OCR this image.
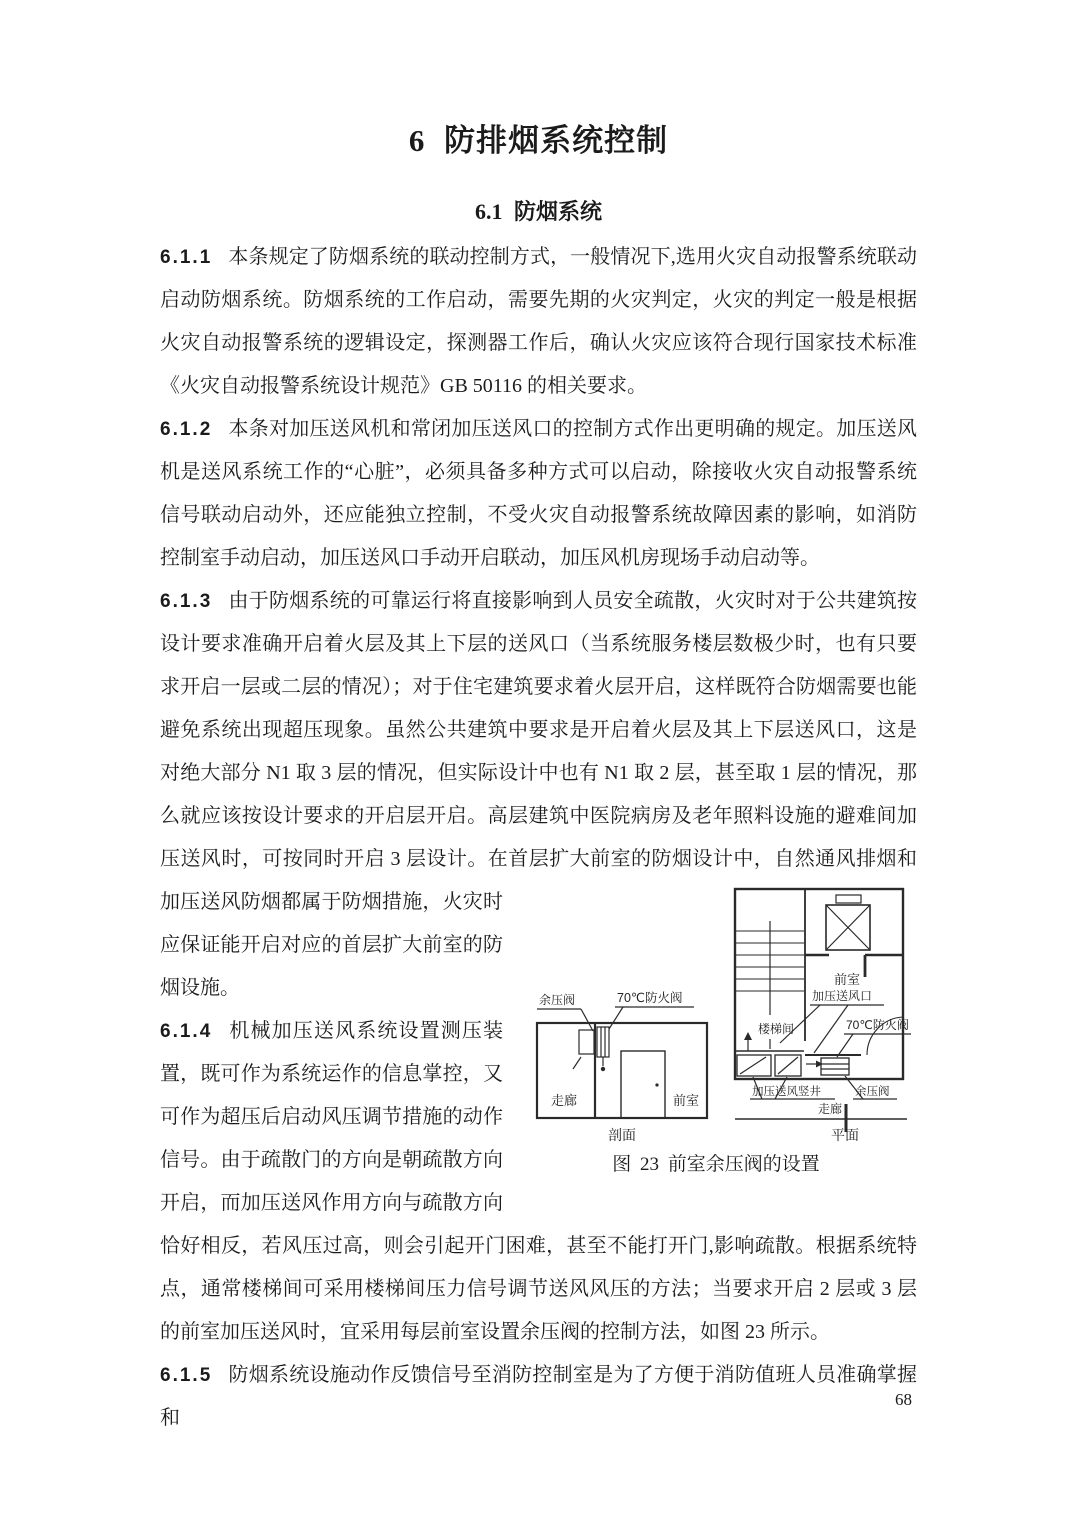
6 防排烟系统控制
6.1 防烟系统

6.1.1 本条规定了防烟系统的联动控制方式，一般情况下,选用火灾自动报警系统联动启动防烟系统。防烟系统的工作启动，需要先期的火灾判定，火灾的判定一般是根据火灾自动报警系统的逻辑设定，探测器工作后，确认火灾应该符合现行国家技术标准《火灾自动报警系统设计规范》GB 50116 的相关要求。

6.1.2 本条对加压送风机和常闭加压送风口的控制方式作出更明确的规定。加压送风机是送风系统工作的“心脏”，必须具备多种方式可以启动，除接收火灾自动报警系统信号联动启动外，还应能独立控制，不受火灾自动报警系统故障因素的影响，如消防控制室手动启动，加压送风口手动开启联动，加压风机房现场手动启动等。

6.1.3 由于防烟系统的可靠运行将直接影响到人员安全疏散，火灾时对于公共建筑按设计要求准确开启着火层及其上下层的送风口（当系统服务楼层数极少时，也有只要求开启一层或二层的情况）；对于住宅建筑要求着火层开启，这样既符合防烟需要也能避免系统出现超压现象。虽然公共建筑中要求是开启着火层及其上下层送风口，这是对绝大部分 N1 取 3 层的情况，但实际设计中也有 N1 取 2 层，甚至取 1 层的情况，那么就应该按设计要求的开启层开启。高层建筑中医院病房及老年照料设施的避难间加压送风时，可按同时开启 3 层设计。在首层扩大前室的防烟设计中，自然通风排烟和加压送风防烟都属于防烟措施，火灾
余压阀	70℃防火阀
走廊	前室
剖面
前室
加压送风口
楼梯间	70℃防火阀
加压送风竖井	余压阀
走廊
平面
图 23 前室余压阀的设置
时应保证能开启对应的首层扩大前室的防烟设施。

6.1.4 机械加压送风系统设置测压装置，既可作为系统运作的信息掌控，又可作为超压后启动风压调节措施的动作信号。由于疏散门的方向是朝疏散方向开启，而加压送风作用方向与疏散方向恰好相反，若风压过高，则会引起开门困难，甚至不能打开门,影响疏散。根据系统特点，通常楼梯间可采用楼梯间压力信号调节送风风压的方法；当要求开启 2 层或 3 层的前室加压送风时，宜采用每层前室设置余压阀的控制方法，如图 23 所示。

6.1.5 防烟系统设施动作反馈信号至消防控制室是为了方便于消防值班人员准确掌握和

68
